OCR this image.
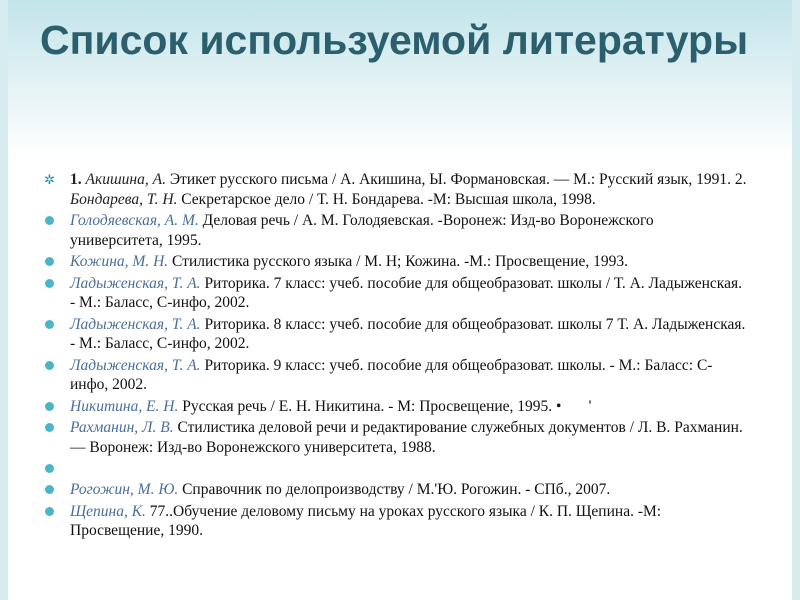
Список используемой литературы
✲ 1. Акишина, А. Этикет русского письма / А. Акишина, Ы. Формановская. — М.: Русский язык, 1991. 2. Бондарева, Т. Н. Секретарское дело / Т. Н. Бондарева. -М: Высшая школа, 1998.
Голодяевская, А. М. Деловая речь / А. М. Голодяевская. -Воронеж: Изд-во Воронежского университета, 1995.
Кожина, М. Н. Стилистика русского языка / М. Н; Кожина. -М.: Просвещение, 1993.
Ладыженская, Т. А. Риторика. 7 класс: учеб. пособие для общеобразоват. школы / Т. А. Ладыженская. - М.: Баласс, С-инфо, 2002.
Ладыженская, Т. А. Риторика. 8 класс: учеб. пособие для общеобразоват. школы 7 Т. А. Ладыженская. - М.: Баласс, С-инфо, 2002.
Ладыженская, Т. А. Риторика. 9 класс: учеб. пособие для общеобразоват. школы. - М.: Баласс: С-инфо, 2002.
Никитина, Е. Н. Русская речь / Е. Н. Никитина. - М: Просвещение, 1995. •       '
Рахманин, Л. В. Стилистика деловой речи и редактирование служебных документов / Л. В. Рахманин. — Воронеж: Изд-во Воронежского университета, 1988.
Рогожин, М. Ю. Справочник по делопроизводству / М.'Ю. Рогожин. - СПб., 2007.
Щепина, К. 77..Обучение деловому письму на уроках русского языка / К. П. Щепина. -М: Просвещение, 1990.
